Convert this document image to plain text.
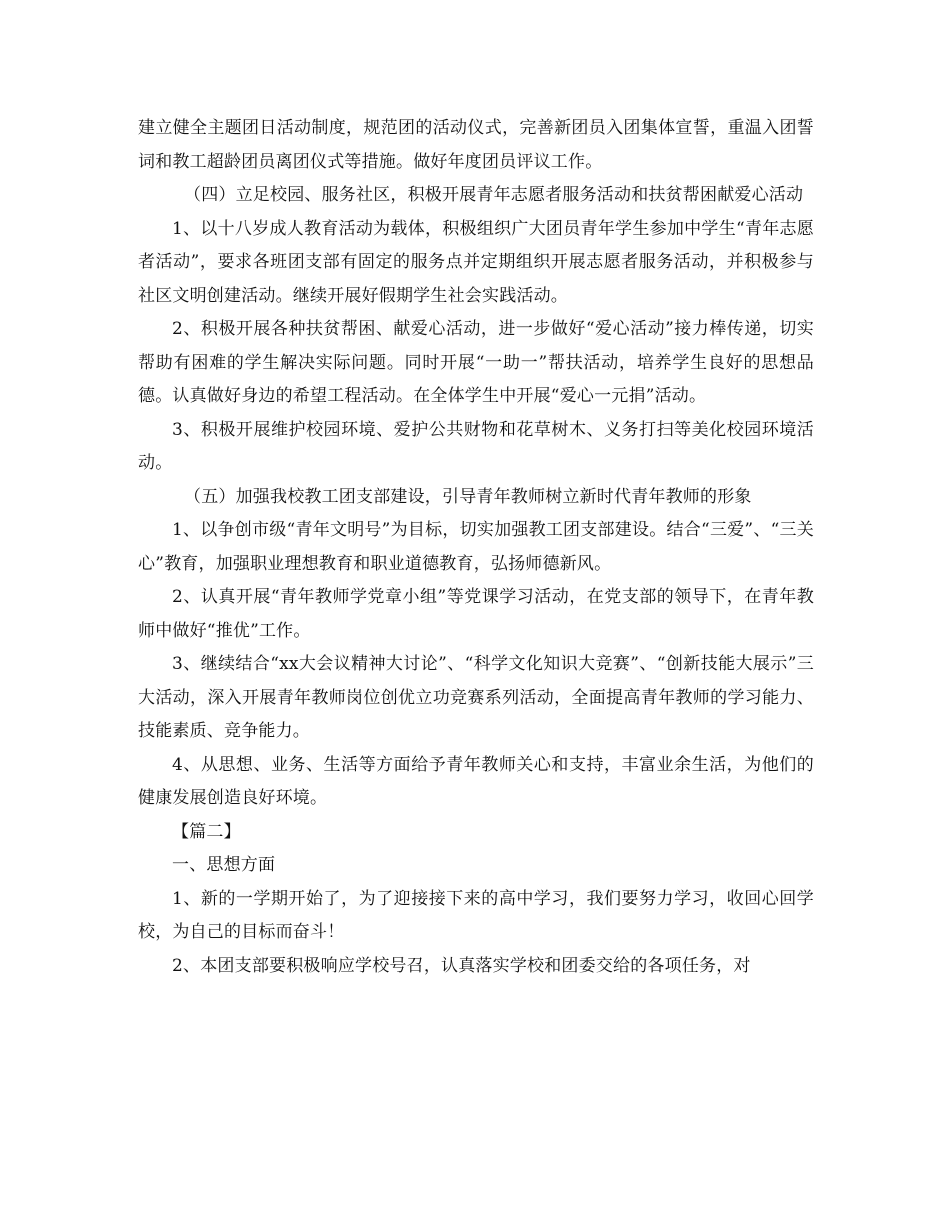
建立健全主题团日活动制度，规范团的活动仪式，完善新团员入团集体宣誓，重温入团誓词和教工超龄团员离团仪式等措施。做好年度团员评议工作。

（四）立足校园、服务社区，积极开展青年志愿者服务活动和扶贫帮困献爱心活动

1、以十八岁成人教育活动为载体，积极组织广大团员青年学生参加中学生“青年志愿者活动”，要求各班团支部有固定的服务点并定期组织开展志愿者服务活动，并积极参与社区文明创建活动。继续开展好假期学生社会实践活动。

2、积极开展各种扶贫帮困、献爱心活动，进一步做好“爱心活动”接力棒传递，切实帮助有困难的学生解决实际问题。同时开展“一助一”帮扶活动，培养学生良好的思想品德。认真做好身边的希望工程活动。在全体学生中开展“爱心一元捐”活动。

3、积极开展维护校园环境、爱护公共财物和花草树木、义务打扫等美化校园环境活动。

（五）加强我校教工团支部建设，引导青年教师树立新时代青年教师的形象

1、以争创市级“青年文明号”为目标，切实加强教工团支部建设。结合“三爱”、“三关心”教育，加强职业理想教育和职业道德教育，弘扬师德新风。

2、认真开展“青年教师学党章小组”等党课学习活动，在党支部的领导下，在青年教师中做好“推优”工作。

3、继续结合“xx大会议精神大讨论”、“科学文化知识大竞赛”、“创新技能大展示”三大活动，深入开展青年教师岗位创优立功竞赛系列活动，全面提高青年教师的学习能力、技能素质、竞争能力。

4、从思想、业务、生活等方面给予青年教师关心和支持，丰富业余生活，为他们的健康发展创造良好环境。

【篇二】

一、思想方面

1、新的一学期开始了，为了迎接接下来的高中学习，我们要努力学习，收回心回学校，为自己的目标而奋斗！

2、本团支部要积极响应学校号召，认真落实学校和团委交给的各项任务，对
